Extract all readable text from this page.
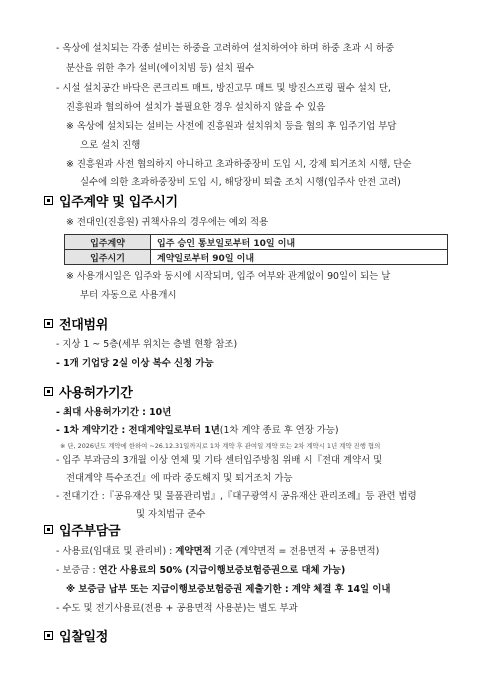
- 옥상에 설치되는 각종 설비는 하중을 고려하여 설치하여야 하며 하중 초과 시 하중
분산을 위한 추가 설비(에이치빔 등) 설치 필수
- 시설 설치공간 바닥은 콘크리트 매트, 방진고무 매트 및 방진스프링 필수 설치 단,
진흥원과 협의하여 설치가 불필요한 경우 설치하지 않을 수 있음
※ 옥상에 설치되는 설비는 사전에 진흥원과 설치위치 등을 협의 후 입주기업 부담
으로 설치 진행
※ 진흥원과 사전 협의하지 아니하고 초과하중장비 도입 시, 강제 퇴거조치 시행, 단순
실수에 의한 초과하중장비 도입 시, 해당장비 퇴출 조치 시행(입주사 안전 고려)
입주계약 및 입주시기
※ 전대인(진흥원) 귀책사유의 경우에는 예외 적용
입주계약	입주 승인 통보일로부터 10일 이내
입주시기	계약일로부터 90일 이내
※ 사용개시일은 입주와 동시에 시작되며, 입주 여부와 관계없이 90일이 되는 날
부터 자동으로 사용개시
전대범위
- 지상 1 ~ 5층(세부 위치는 층별 현황 참조)
- 1개 기업당 2실 이상 복수 신청 가능
사용허가기간
- 최대 사용허가기간 : 10년
- 1차 계약기간 : 전대계약일로부터 1년(1차 계약 종료 후 연장 가능)
※ 단, 2026년도 계약에 한하여 ~26.12.31일까지로 1차 계약 후 관여일 계약 또는 2차 계약시 1년 계약 진행 협의
- 입주 부과금의 3개월 이상 연체 및 기타 센터입주방침 위배 시『전대 계약서 및
전대계약 특수조건』에 따라 중도해지 및 퇴거조치 가능
- 전대기간 :『공유재산 및 물품관리법』,『대구광역시 공유재산 관리조례』등 관련 법령
및 자치법규 준수
입주부담금
- 사용료(임대료 및 관리비) : 계약면적 기준 (계약면적 = 전용면적 + 공용면적)
- 보증금 : 연간 사용료의 50% (지급이행보증보험증권으로 대체 가능)
※ 보증금 납부 또는 지급이행보증보험증권 제출기한 : 계약 체결 후 14일 이내
- 수도 및 전기사용료(전용 + 공용면적 사용분)는 별도 부과
입찰일정
